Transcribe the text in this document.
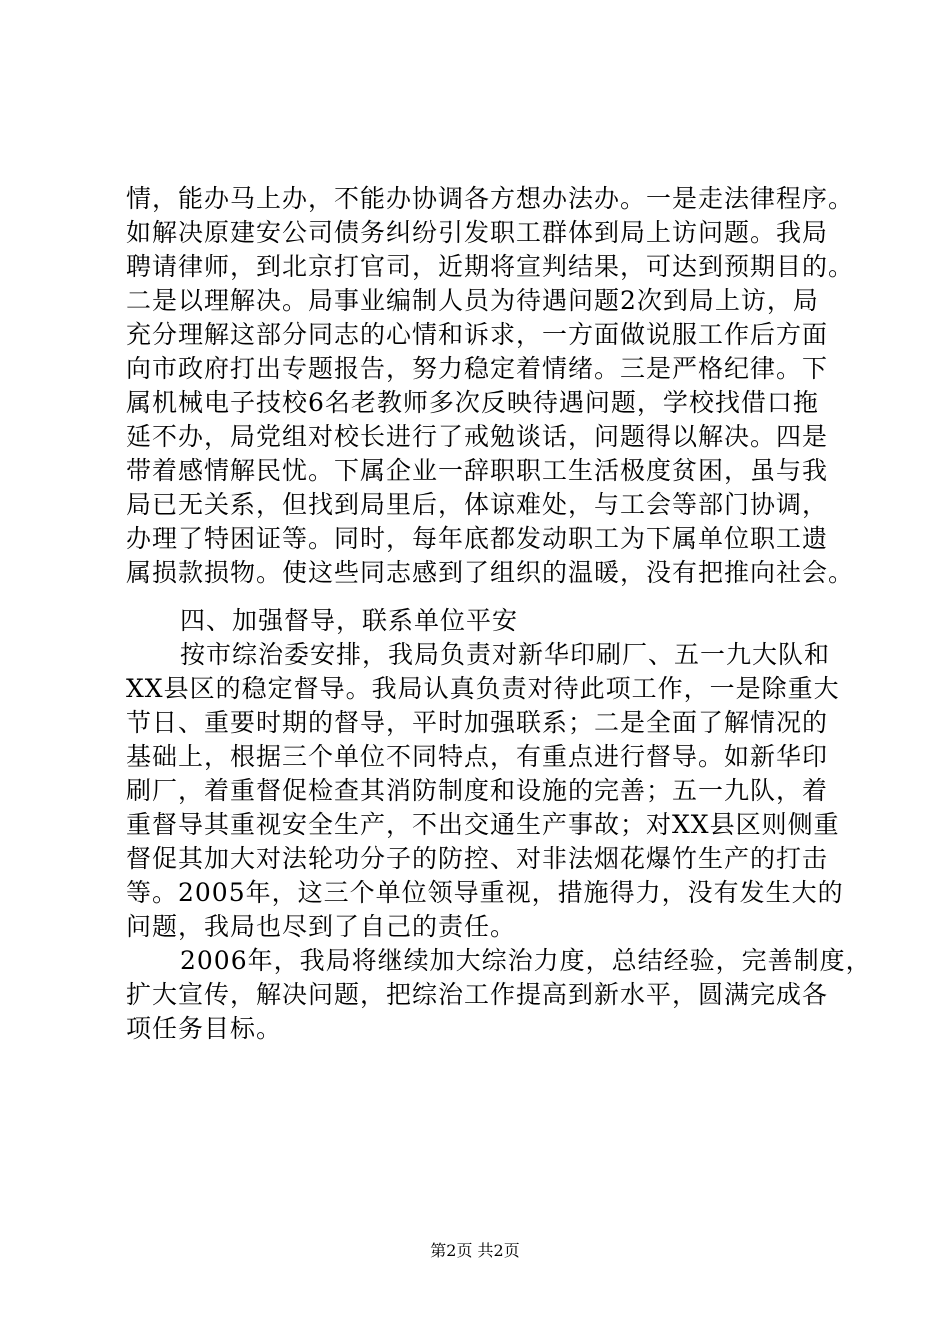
情，能办马上办，不能办协调各方想办法办。一是走法律程序。
如解决原建安公司债务纠纷引发职工群体到局上访问题。我局
聘请律师，到北京打官司，近期将宣判结果，可达到预期目的。
二是以理解决。局事业编制人员为待遇问题2次到局上访，局
充分理解这部分同志的心情和诉求，一方面做说服工作后方面
向市政府打出专题报告，努力稳定着情绪。三是严格纪律。下
属机械电子技校6名老教师多次反映待遇问题，学校找借口拖
延不办，局党组对校长进行了戒勉谈话，问题得以解决。四是
带着感情解民忧。下属企业一辞职职工生活极度贫困，虽与我
局已无关系，但找到局里后，体谅难处，与工会等部门协调，
办理了特困证等。同时，每年底都发动职工为下属单位职工遗
属损款损物。使这些同志感到了组织的温暖，没有把推向社会。
四、加强督导，联系单位平安
按市综治委安排，我局负责对新华印刷厂、五一九大队和
XX县区的稳定督导。我局认真负责对待此项工作，一是除重大
节日、重要时期的督导，平时加强联系；二是全面了解情况的
基础上，根据三个单位不同特点，有重点进行督导。如新华印
刷厂，着重督促检查其消防制度和设施的完善；五一九队，着
重督导其重视安全生产，不出交通生产事故；对XX县区则侧重
督促其加大对法轮功分子的防控、对非法烟花爆竹生产的打击
等。2005年，这三个单位领导重视，措施得力，没有发生大的
问题，我局也尽到了自己的责任。
2006年，我局将继续加大综治力度，总结经验，完善制度，
扩大宣传，解决问题，把综治工作提高到新水平，圆满完成各
项任务目标。
第2页 共2页
